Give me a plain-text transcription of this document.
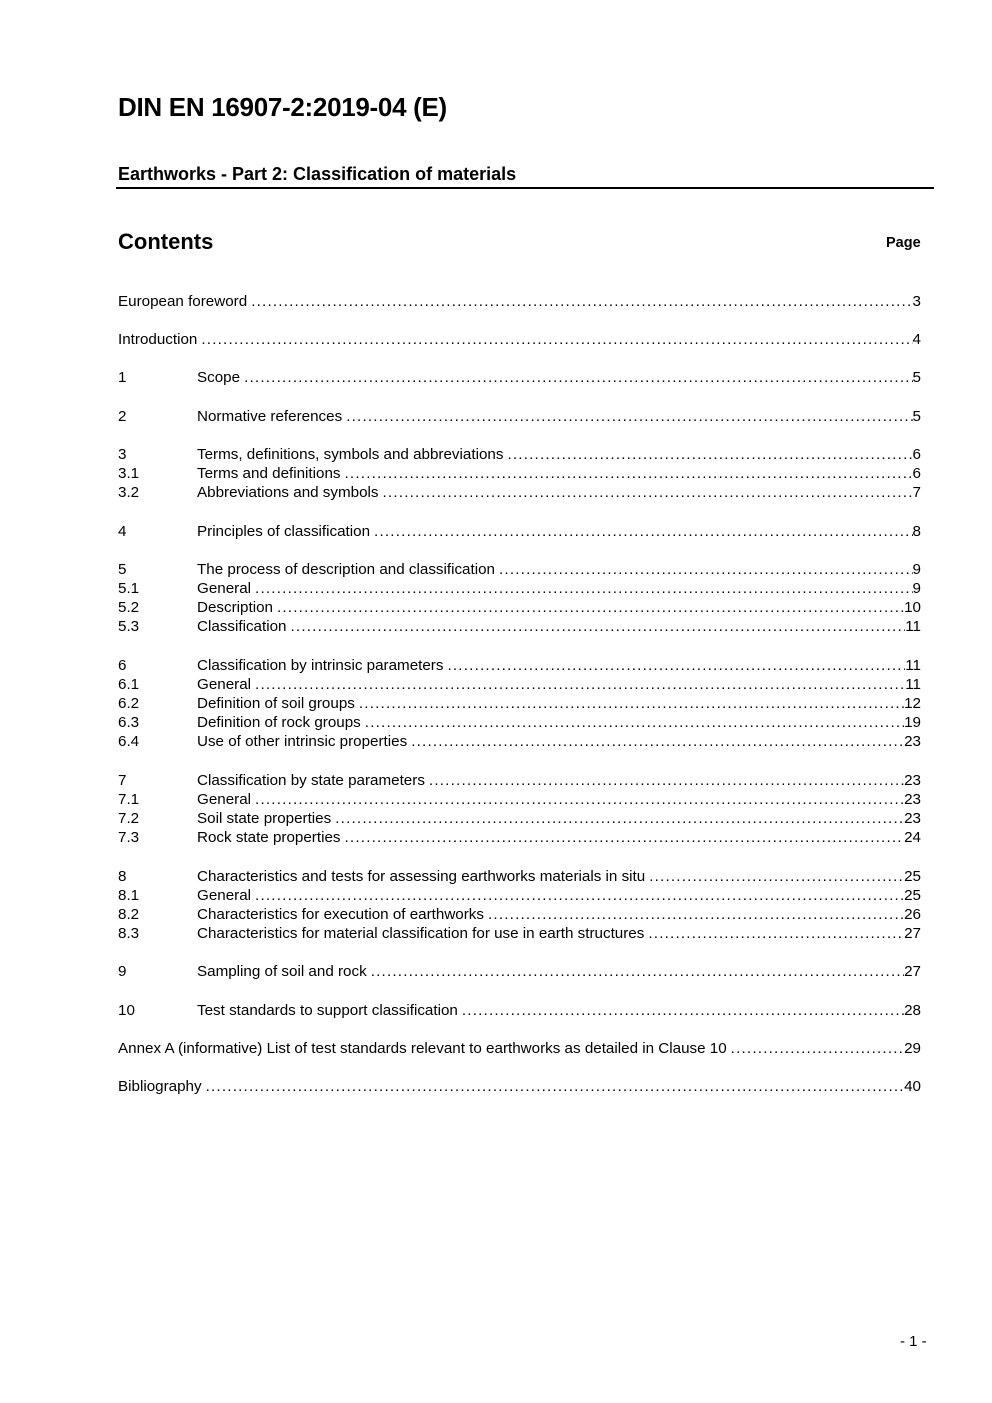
DIN EN 16907-2:2019-04 (E)
Earthworks - Part 2: Classification of materials
Contents	Page
European foreword .....	3
Introduction .....	4
1	Scope .....	5
2	Normative references .....	5
3	Terms, definitions, symbols and abbreviations .....	6
3.1	Terms and definitions .....	6
3.2	Abbreviations and symbols .....	7
4	Principles of classification .....	8
5	The process of description and classification .....	9
5.1	General .....	9
5.2	Description .....	10
5.3	Classification .....	11
6	Classification by intrinsic parameters .....	11
6.1	General .....	11
6.2	Definition of soil groups .....	12
6.3	Definition of rock groups .....	19
6.4	Use of other intrinsic properties .....	23
7	Classification by state parameters .....	23
7.1	General .....	23
7.2	Soil state properties .....	23
7.3	Rock state properties .....	24
8	Characteristics and tests for assessing earthworks materials in situ .....	25
8.1	General .....	25
8.2	Characteristics for execution of earthworks .....	26
8.3	Characteristics for material classification for use in earth structures .....	27
9	Sampling of soil and rock .....	27
10	Test standards to support classification .....	28
Annex A (informative) List of test standards relevant to earthworks as detailed in Clause 10 .....	29
Bibliography .....	40
- 1 -
